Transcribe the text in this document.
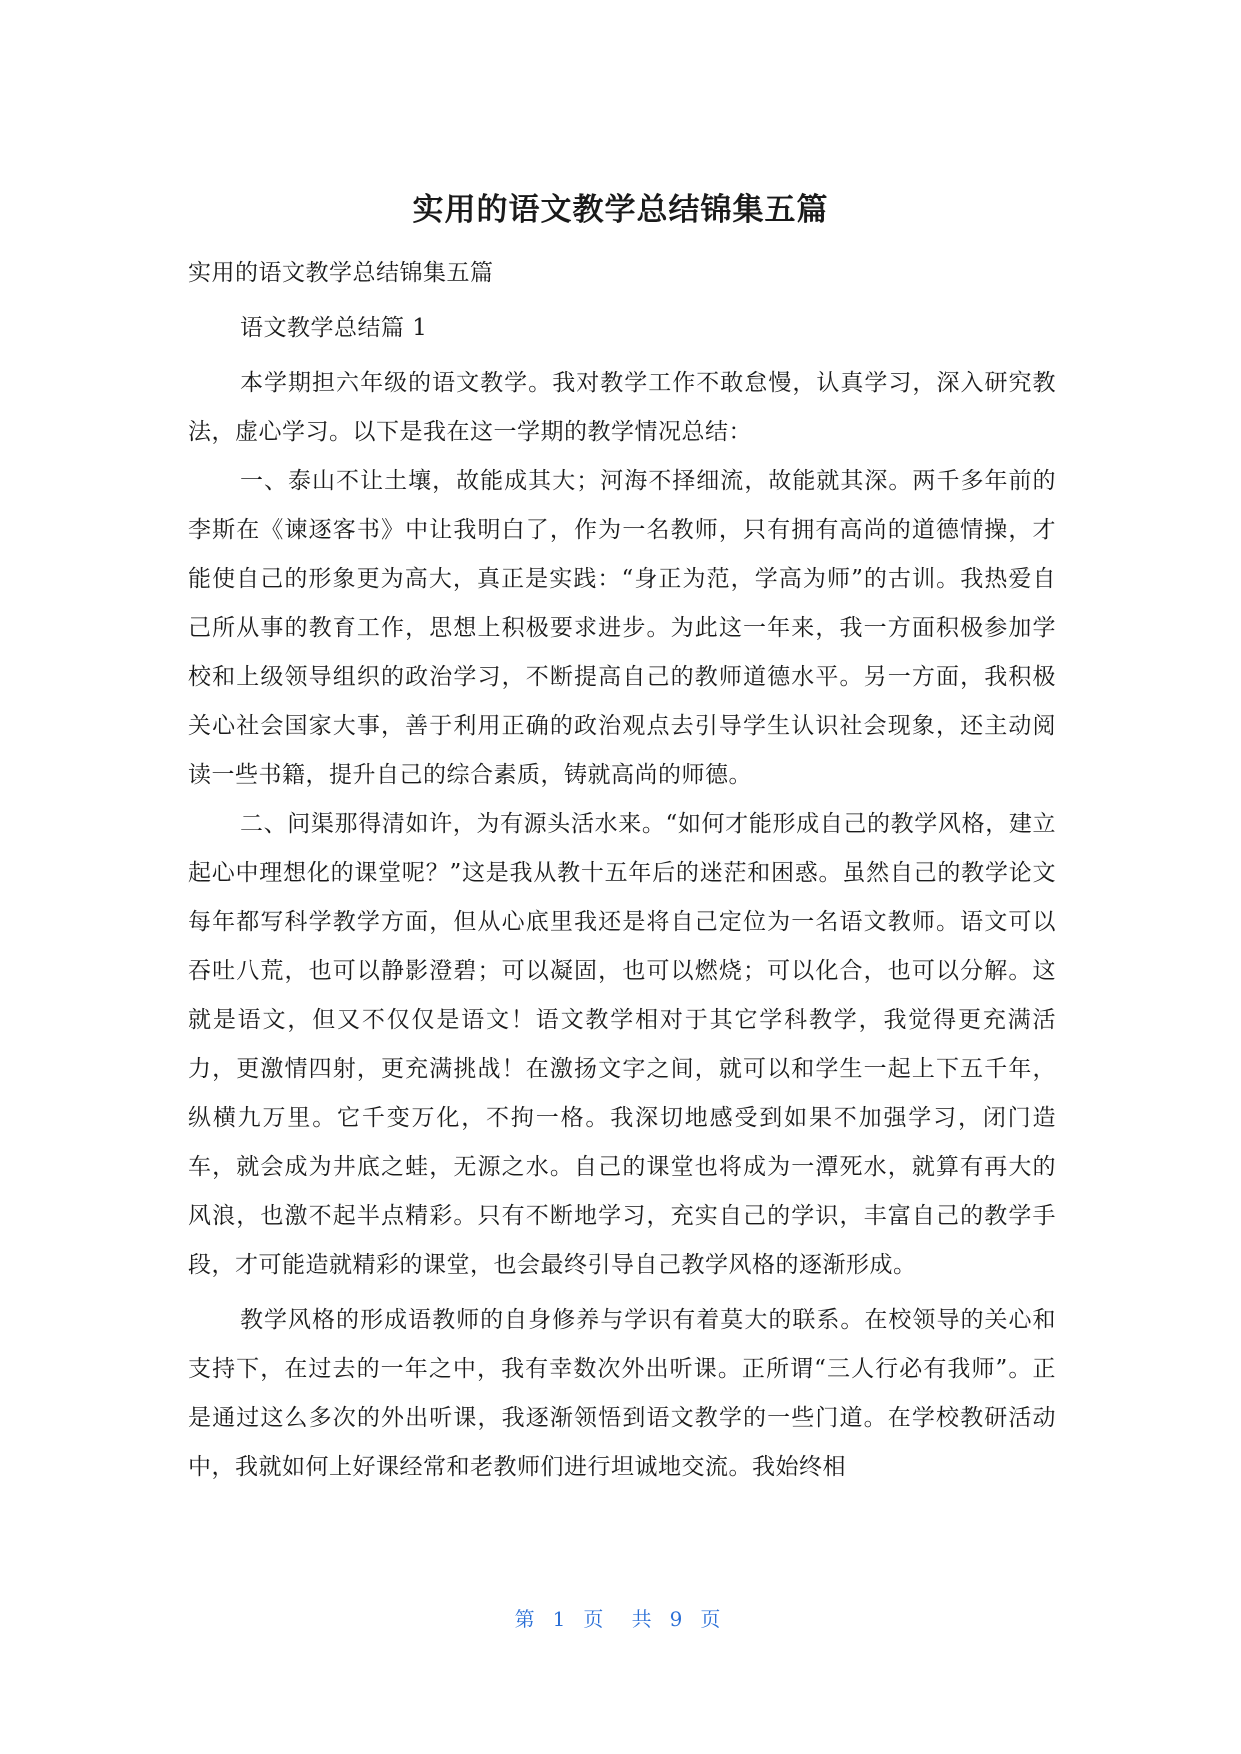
实用的语文教学总结锦集五篇

实用的语文教学总结锦集五篇

语文教学总结篇 1

本学期担六年级的语文教学。我对教学工作不敢怠慢，认真学习，深入研究教法，虚心学习。以下是我在这一学期的教学情况总结：

一、泰山不让土壤，故能成其大；河海不择细流，故能就其深。两千多年前的李斯在《谏逐客书》中让我明白了，作为一名教师，只有拥有高尚的道德情操，才能使自己的形象更为高大，真正是实践：“身正为范，学高为师”的古训。我热爱自己所从事的教育工作，思想上积极要求进步。为此这一年来，我一方面积极参加学校和上级领导组织的政治学习，不断提高自己的教师道德水平。另一方面，我积极关心社会国家大事，善于利用正确的政治观点去引导学生认识社会现象，还主动阅读一些书籍，提升自己的综合素质，铸就高尚的师德。

二、问渠那得清如许，为有源头活水来。“如何才能形成自己的教学风格，建立起心中理想化的课堂呢？”这是我从教十五年后的迷茫和困惑。虽然自己的教学论文每年都写科学教学方面，但从心底里我还是将自己定位为一名语文教师。语文可以吞吐八荒，也可以静影澄碧；可以凝固，也可以燃烧；可以化合，也可以分解。这就是语文，但又不仅仅是语文！语文教学相对于其它学科教学，我觉得更充满活力，更激情四射，更充满挑战！在激扬文字之间，就可以和学生一起上下五千年，纵横九万里。它千变万化，不拘一格。我深切地感受到如果不加强学习，闭门造车，就会成为井底之蛙，无源之水。自己的课堂也将成为一潭死水，就算有再大的风浪，也激不起半点精彩。只有不断地学习，充实自己的学识，丰富自己的教学手段，才可能造就精彩的课堂，也会最终引导自己教学风格的逐渐形成。

教学风格的形成语教师的自身修养与学识有着莫大的联系。在校领导的关心和支持下，在过去的一年之中，我有幸数次外出听课。正所谓“三人行必有我师”。正是通过这么多次的外出听课，我逐渐领悟到语文教学的一些门道。在学校教研活动中，我就如何上好课经常和老教师们进行坦诚地交流。我始终相

第 1 页 共 9 页
